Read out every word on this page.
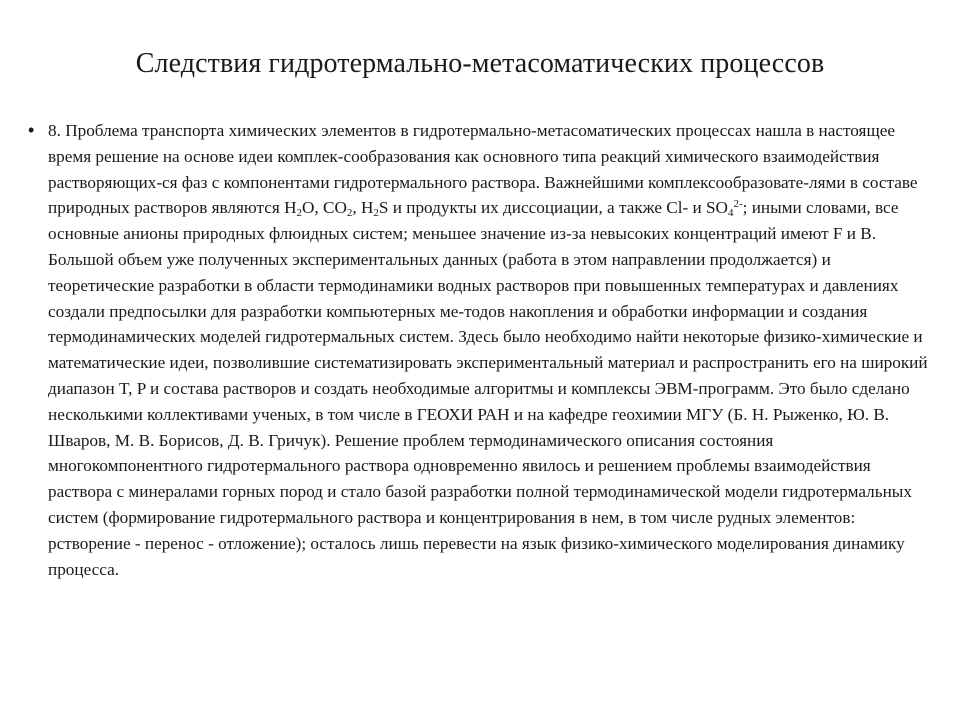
Следствия гидротермально-метасоматических процессов
• 8. Проблема транспорта химических элементов в гидротермально-метасоматических процессах нашла в настоящее время решение на основе идеи комплек-сообразования как основного типа реакций химического взаимодействия растворяющих-ся фаз с компонентами гидротермального раствора. Важнейшими комплексообразовате-лями в составе природных растворов являются $H_2O$, $CO_2$, $H_2S$ и продукты их диссоциации, а также Cl- и $SO_4^{2-}$; иными словами, все основные анионы природных флюидных систем; меньшее значение из-за невысоких концентраций имеют F и B. Большой объем уже полученных экспериментальных данных (работа в этом направлении продолжается) и теоретические разработки в области термодинамики водных растворов при повышенных температурах и давлениях создали предпосылки для разработки компьютерных ме-тодов накопления и обработки информации и создания термодинамических моделей гидротермальных систем. Здесь было необходимо найти некоторые физико-химические и математические идеи, позволившие систематизировать экспериментальный материал и распространить его на широкий диапазон T, P и состава растворов и создать необходимые алгоритмы и комплексы ЭВМ-программ. Это было сделано несколькими коллективами ученых, в том числе в ГЕОХИ РАН и на кафедре геохимии МГУ (Б. Н. Рыженко, Ю. В. Шваров, М. В. Борисов, Д. В. Гричук). Решение проблем термодинамического описания состояния многокомпонентного гидротермального раствора одновременно явилось и решением проблемы взаимодействия раствора с минералами горных пород и стало базой разработки полной термодинамической модели гидротермальных систем (формирование гидротермального раствора и концентрирования в нем, в том числе рудных элементов: рстворение - перенос - отложение); осталось лишь перевести на язык физико-химического моделирования динамику процесса.
